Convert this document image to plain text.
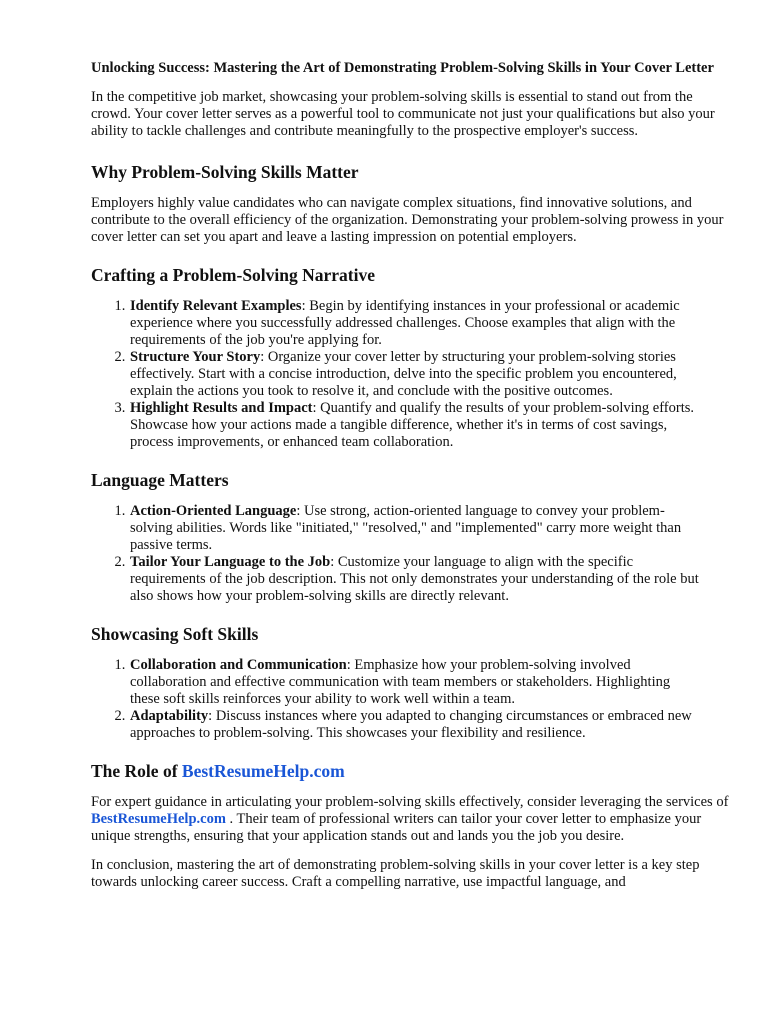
Unlocking Success: Mastering the Art of Demonstrating Problem-Solving Skills in Your Cover Letter

In the competitive job market, showcasing your problem-solving skills is essential to stand out from the crowd. Your cover letter serves as a powerful tool to communicate not just your qualifications but also your ability to tackle challenges and contribute meaningfully to the prospective employer's success.

Why Problem-Solving Skills Matter

Employers highly value candidates who can navigate complex situations, find innovative solutions, and contribute to the overall efficiency of the organization. Demonstrating your problem-solving prowess in your cover letter can set you apart and leave a lasting impression on potential employers.

Crafting a Problem-Solving Narrative
1. Identify Relevant Examples: Begin by identifying instances in your professional or academic experience where you successfully addressed challenges. Choose examples that align with the requirements of the job you're applying for.
2. Structure Your Story: Organize your cover letter by structuring your problem-solving stories effectively. Start with a concise introduction, delve into the specific problem you encountered, explain the actions you took to resolve it, and conclude with the positive outcomes.
3. Highlight Results and Impact: Quantify and qualify the results of your problem-solving efforts. Showcase how your actions made a tangible difference, whether it's in terms of cost savings, process improvements, or enhanced team collaboration.
Language Matters
1. Action-Oriented Language: Use strong, action-oriented language to convey your problem-solving abilities. Words like "initiated," "resolved," and "implemented" carry more weight than passive terms.
2. Tailor Your Language to the Job: Customize your language to align with the specific requirements of the job description. This not only demonstrates your understanding of the role but also shows how your problem-solving skills are directly relevant.
Showcasing Soft Skills
1. Collaboration and Communication: Emphasize how your problem-solving involved collaboration and effective communication with team members or stakeholders. Highlighting these soft skills reinforces your ability to work well within a team.
2. Adaptability: Discuss instances where you adapted to changing circumstances or embraced new approaches to problem-solving. This showcases your flexibility and resilience.
The Role of BestResumeHelp.com

For expert guidance in articulating your problem-solving skills effectively, consider leveraging the services of BestResumeHelp.com . Their team of professional writers can tailor your cover letter to emphasize your unique strengths, ensuring that your application stands out and lands you the job you desire.

In conclusion, mastering the art of demonstrating problem-solving skills in your cover letter is a key step towards unlocking career success. Craft a compelling narrative, use impactful language, and
